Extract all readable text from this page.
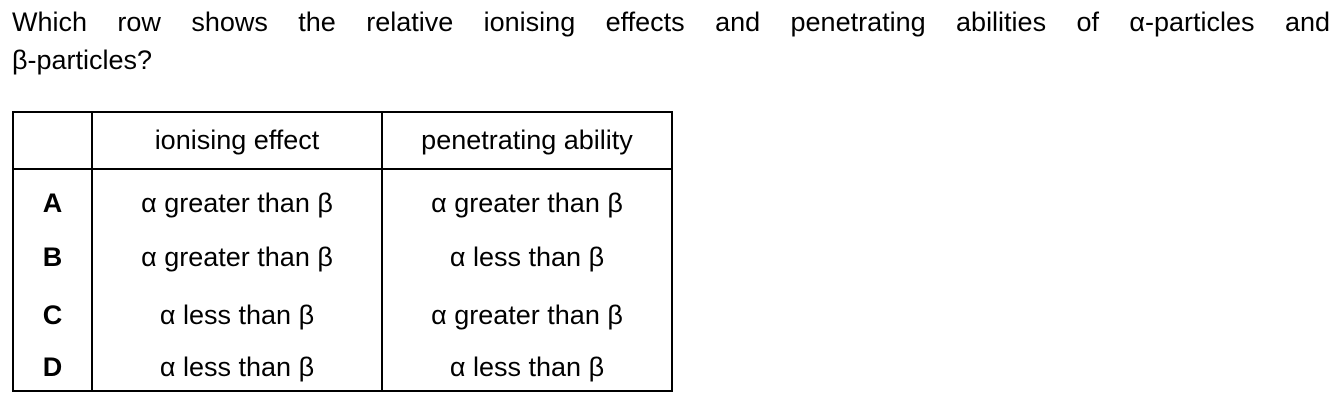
Which row shows the relative ionising effects and penetrating abilities of α-particles and
β-particles?
	ionising effect	penetrating ability
A	α greater than β	α greater than β
B	α greater than β	α less than β
C	α less than β	α greater than β
D	α less than β	α less than β
